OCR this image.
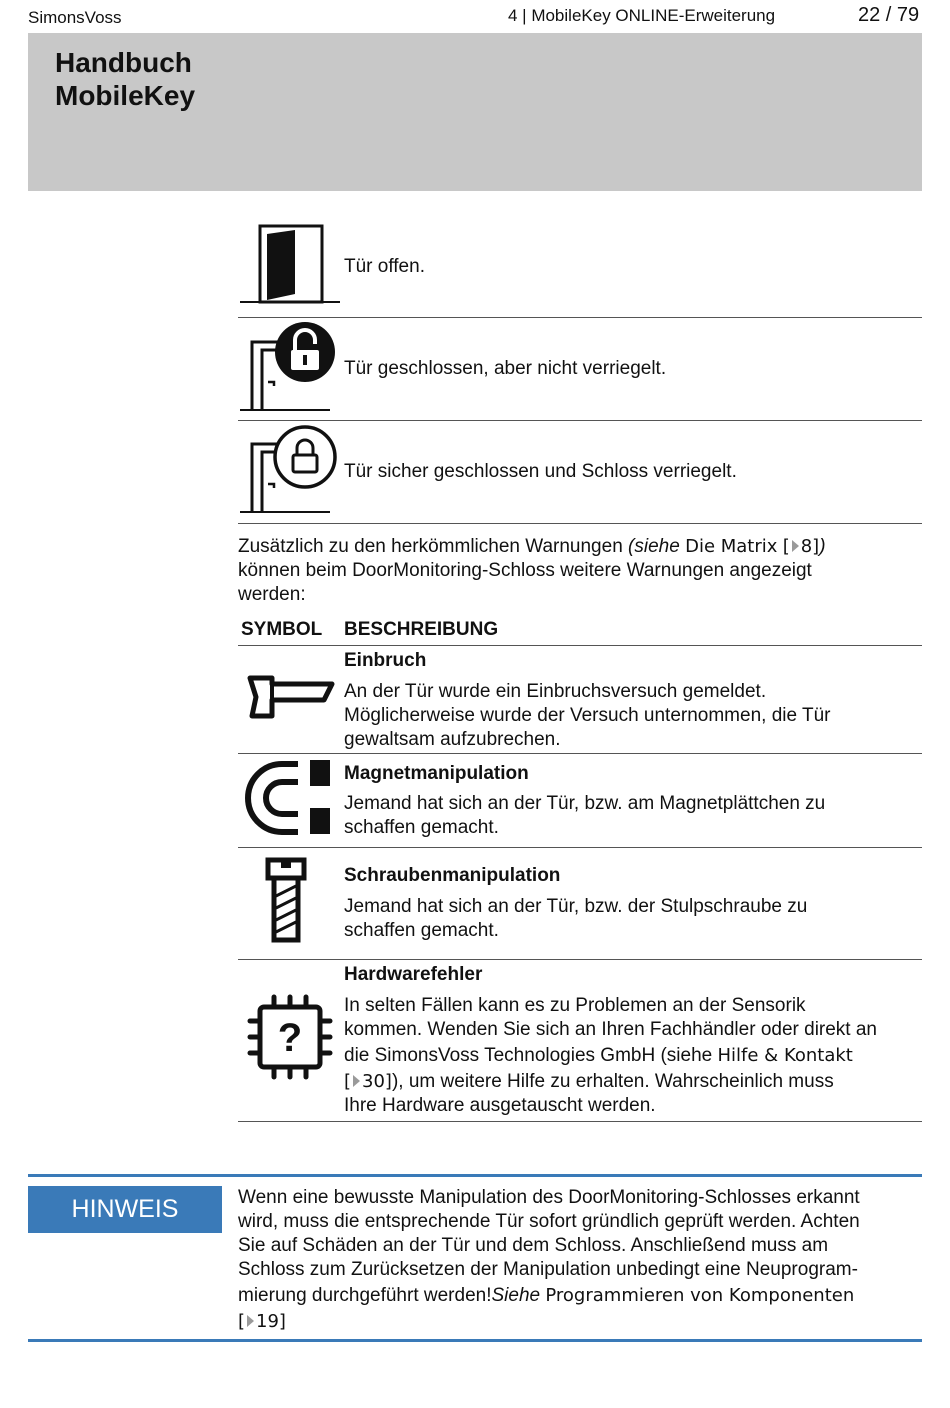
SimonsVoss	4 | MobileKey ONLINE-Erweiterung	22 / 79
Handbuch
MobileKey
Tür offen.
Tür geschlossen, aber nicht verriegelt.
Tür sicher geschlossen und Schloss verriegelt.
Zusätzlich zu den herkömmlichen Warnungen (siehe Die Matrix [ 8])
können beim DoorMonitoring-Schloss weitere Warnungen angezeigt
werden:
SYMBOL BESCHREIBUNG
Einbruch
An der Tür wurde ein Einbruchsversuch gemeldet.
Möglicherweise wurde der Versuch unternommen, die Tür
gewaltsam aufzubrechen.
Magnetmanipulation
Jemand hat sich an der Tür, bzw. am Magnetplättchen zu
schaffen gemacht.
Schraubenmanipulation
Jemand hat sich an der Tür, bzw. der Stulpschraube zu
schaffen gemacht.
?
Hardwarefehler
In selten Fällen kann es zu Problemen an der Sensorik
kommen. Wenden Sie sich an Ihren Fachhändler oder direkt an
die SimonsVoss Technologies GmbH (siehe Hilfe & Kontakt
[ 30]), um weitere Hilfe zu erhalten. Wahrscheinlich muss
Ihre Hardware ausgetauscht werden.
HINWEIS	Wenn eine bewusste Manipulation des DoorMonitoring-Schlosses erkannt
wird, muss die entsprechende Tür sofort gründlich geprüft werden. Achten
Sie auf Schäden an der Tür und dem Schloss. Anschließend muss am
Schloss zum Zurücksetzen der Manipulation unbedingt eine Neuprogram-
mierung durchgeführt werden!Siehe Programmieren von Komponenten
[ 19]
